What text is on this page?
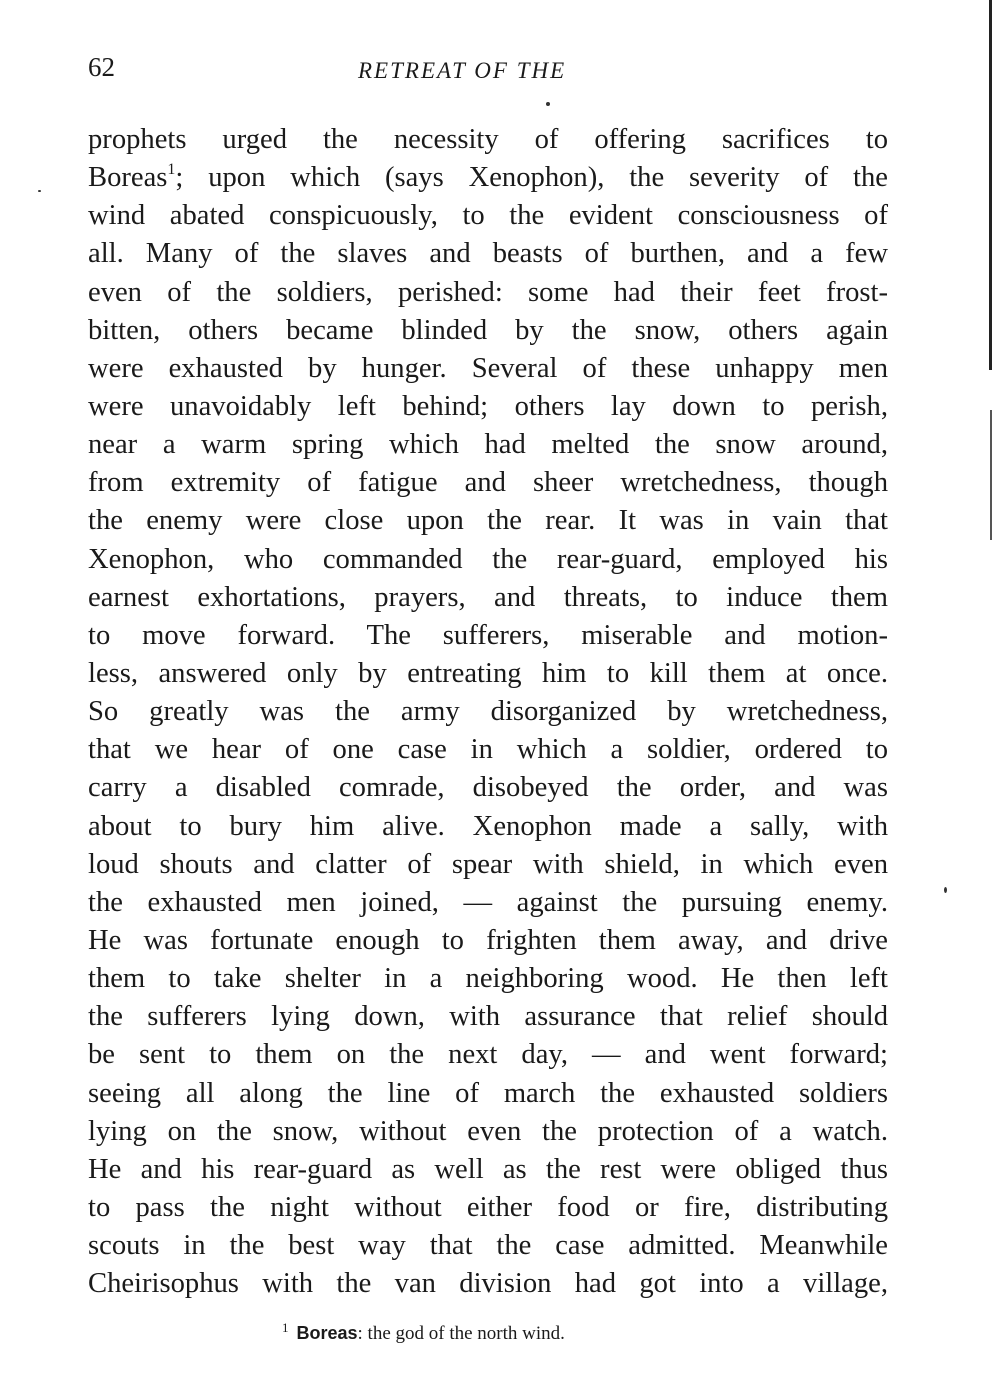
62	RETREAT OF THE
prophets urged the necessity of offering sacrifices to
Boreas$^1$; upon which (says Xenophon), the severity of the
wind abated conspicuously, to the evident consciousness of
all. Many of the slaves and beasts of burthen, and a few
even of the soldiers, perished: some had their feet frost-
bitten, others became blinded by the snow, others again
were exhausted by hunger. Several of these unhappy men
were unavoidably left behind; others lay down to perish,
near a warm spring which had melted the snow around,
from extremity of fatigue and sheer wretchedness, though
the enemy were close upon the rear. It was in vain that
Xenophon, who commanded the rear-guard, employed his
earnest exhortations, prayers, and threats, to induce them
to move forward. The sufferers, miserable and motion-
less, answered only by entreating him to kill them at once.
So greatly was the army disorganized by wretchedness,
that we hear of one case in which a soldier, ordered to
carry a disabled comrade, disobeyed the order, and was
about to bury him alive. Xenophon made a sally, with
loud shouts and clatter of spear with shield, in which even
the exhausted men joined, — against the pursuing enemy.
He was fortunate enough to frighten them away, and drive
them to take shelter in a neighboring wood. He then left
the sufferers lying down, with assurance that relief should
be sent to them on the next day, — and went forward;
seeing all along the line of march the exhausted soldiers
lying on the snow, without even the protection of a watch.
He and his rear-guard as well as the rest were obliged thus
to pass the night without either food or fire, distributing
scouts in the best way that the case admitted. Meanwhile
Cheirisophus with the van division had got into a village,
$^1$ Boreas: the god of the north wind.
